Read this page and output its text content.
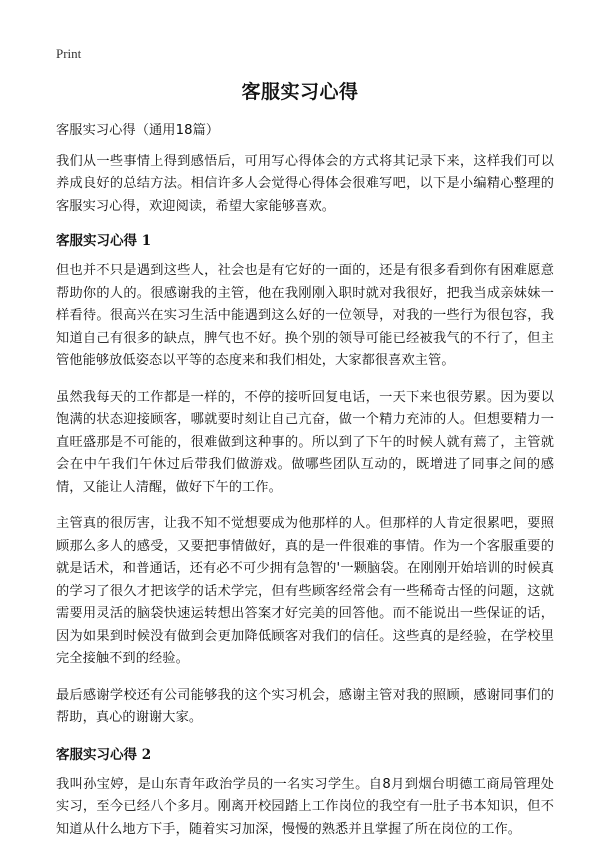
Print
客服实习心得

客服实习心得（通用18篇）

我们从一些事情上得到感悟后，可用写心得体会的方式将其记录下来，这样我们可以养成良好的总结方法。相信许多人会觉得心得体会很难写吧，以下是小编精心整理的客服实习心得，欢迎阅读，希望大家能够喜欢。

客服实习心得 1

但也并不只是遇到这些人，社会也是有它好的一面的，还是有很多看到你有困难愿意帮助你的人的。很感谢我的主管，他在我刚刚入职时就对我很好，把我当成亲妹妹一样看待。很高兴在实习生活中能遇到这么好的一位领导，对我的一些行为很包容，我知道自己有很多的缺点，脾气也不好。换个别的领导可能已经被我气的不行了，但主管他能够放低姿态以平等的态度来和我们相处，大家都很喜欢主管。

虽然我每天的工作都是一样的，不停的接听回复电话，一天下来也很劳累。因为要以饱满的状态迎接顾客，哪就要时刻让自己亢奋，做一个精力充沛的人。但想要精力一直旺盛那是不可能的，很难做到这种事的。所以到了下午的时候人就有蔫了，主管就会在中午我们午休过后带我们做游戏。做哪些团队互动的，既增进了同事之间的感情，又能让人清醒，做好下午的工作。

主管真的很厉害，让我不知不觉想要成为他那样的人。但那样的人肯定很累吧，要照顾那么多人的感受，又要把事情做好，真的是一件很难的事情。作为一个客服重要的就是话术，和普通话，还有必不可少拥有急智的'一颗脑袋。在刚刚开始培训的时候真的学习了很久才把该学的话术学完，但有些顾客经常会有一些稀奇古怪的问题，这就需要用灵活的脑袋快速运转想出答案才好完美的回答他。而不能说出一些保证的话，因为如果到时候没有做到会更加降低顾客对我们的信任。这些真的是经验，在学校里完全接触不到的经验。

最后感谢学校还有公司能够我的这个实习机会，感谢主管对我的照顾，感谢同事们的帮助，真心的谢谢大家。

客服实习心得 2

我叫孙宝婷，是山东青年政治学员的一名实习学生。自8月到烟台明德工商局管理处实习，至今已经八个多月。刚离开校园踏上工作岗位的我空有一肚子书本知识，但不知道从什么地方下手，随着实习加深，慢慢的熟悉并且掌握了所在岗位的工作。
